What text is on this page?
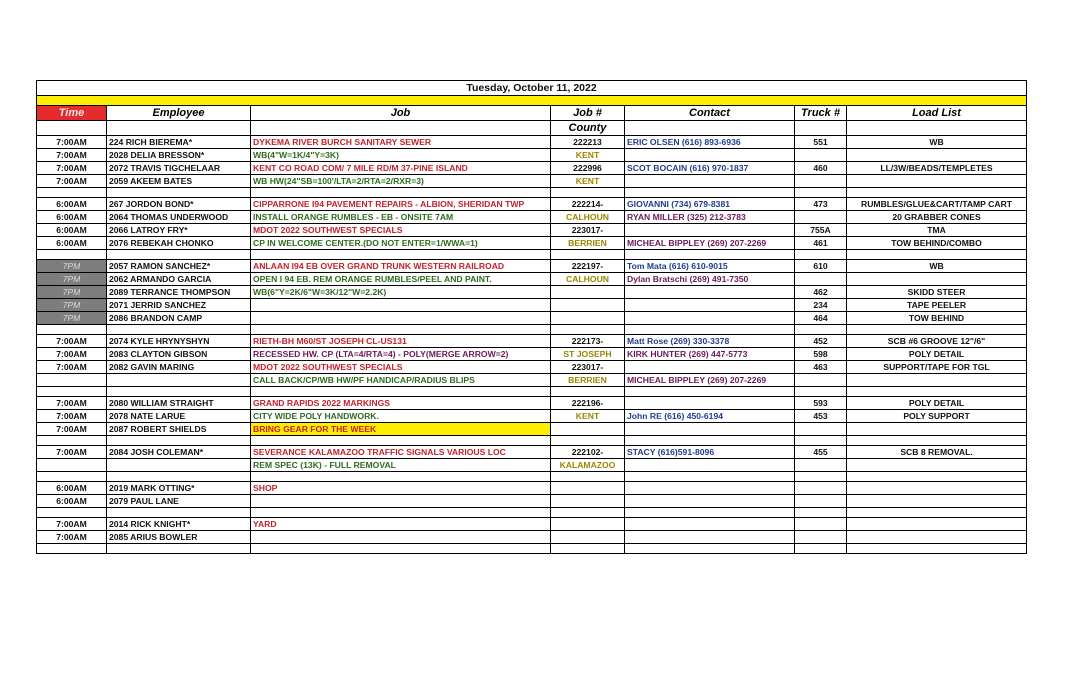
Tuesday, October 11, 2022						

Time	Employee	Job	Job #	Contact	Truck #	Load List
			County			
7:00AM	224 RICH BIEREMA*	DYKEMA RIVER BURCH SANITARY SEWER	222213	ERIC OLSEN (616) 893-6936	551	WB
7:00AM	2028 DELIA BRESSON*	WB(4"W=1K/4"Y=3K)	KENT			
7:00AM	2072 TRAVIS TIGCHELAAR	KENT CO ROAD COM/ 7 MILE RD/M 37-PINE ISLAND	222996	SCOT BOCAIN (616) 970-1837	460	LL/3W/BEADS/TEMPLETES
7:00AM	2059 AKEEM BATES	WB HW(24"SB=100'/LTA=2/RTA=2/RXR=3)	KENT			

6:00AM	267 JORDON BOND*	CIPPARRONE I94 PAVEMENT REPAIRS - ALBION, SHERIDAN TWP	222214-	GIOVANNI (734) 679-8381	473	RUMBLES/GLUE&CART/TAMP CART
6:00AM	2064 THOMAS UNDERWOOD	INSTALL ORANGE RUMBLES - EB - ONSITE 7AM	CALHOUN	RYAN MILLER (325) 212-3783		20 GRABBER CONES
6:00AM	2066 LATROY FRY*	MDOT 2022 SOUTHWEST SPECIALS	223017-		755A	TMA
6:00AM	2076 REBEKAH CHONKO	CP IN WELCOME CENTER.(DO NOT ENTER=1/WWA=1)	BERRIEN	MICHEAL BIPPLEY (269) 207-2269	461	TOW BEHIND/COMBO

7PM	2057 RAMON SANCHEZ*	ANLAAN I94 EB OVER GRAND TRUNK WESTERN RAILROAD	222197-	Tom Mata (616) 610-9015	610	WB
7PM	2062 ARMANDO GARCIA	OPEN I 94 EB. REM ORANGE RUMBLES/PEEL AND PAINT.	CALHOUN	Dylan Bratschi (269) 491-7350		
7PM	2089 TERRANCE THOMPSON	WB(6"Y=2K/6"W=3K/12"W=2.2K)			462	SKIDD STEER
7PM	2071 JERRID SANCHEZ				234	TAPE PEELER
7PM	2086 BRANDON CAMP				464	TOW BEHIND

7:00AM	2074 KYLE HRYNYSHYN	RIETH-BH M60/ST JOSEPH CL-US131	222173-	Matt Rose (269) 330-3378	452	SCB #6 GROOVE 12"/6"
7:00AM	2083 CLAYTON GIBSON	RECESSED HW. CP (LTA=4/RTA=4) - POLY(MERGE ARROW=2)	ST JOSEPH	KIRK HUNTER (269) 447-5773	598	POLY DETAIL
7:00AM	2082 GAVIN MARING	MDOT 2022 SOUTHWEST SPECIALS	223017-		463	SUPPORT/TAPE FOR TGL
		CALL BACK/CP/WB HW/PF HANDICAP/RADIUS BLIPS	BERRIEN	MICHEAL BIPPLEY (269) 207-2269		

7:00AM	2080 WILLIAM STRAIGHT	GRAND RAPIDS 2022 MARKINGS	222196-		593	POLY DETAIL
7:00AM	2078 NATE LARUE	CITY WIDE POLY HANDWORK.	KENT	John RE (616) 450-6194	453	POLY SUPPORT
7:00AM	2087 ROBERT SHIELDS	BRING GEAR FOR THE WEEK				

7:00AM	2084 JOSH COLEMAN*	SEVERANCE KALAMAZOO TRAFFIC SIGNALS VARIOUS LOC	222102-	STACY (616)591-8096	455	SCB 8 REMOVAL.
		REM SPEC (13K) - FULL REMOVAL	KALAMAZOO			

6:00AM	2019 MARK OTTING*	SHOP				
6:00AM	2079 PAUL LANE					

7:00AM	2014 RICK KNIGHT*	YARD				
7:00AM	2085 ARIUS BOWLER					
